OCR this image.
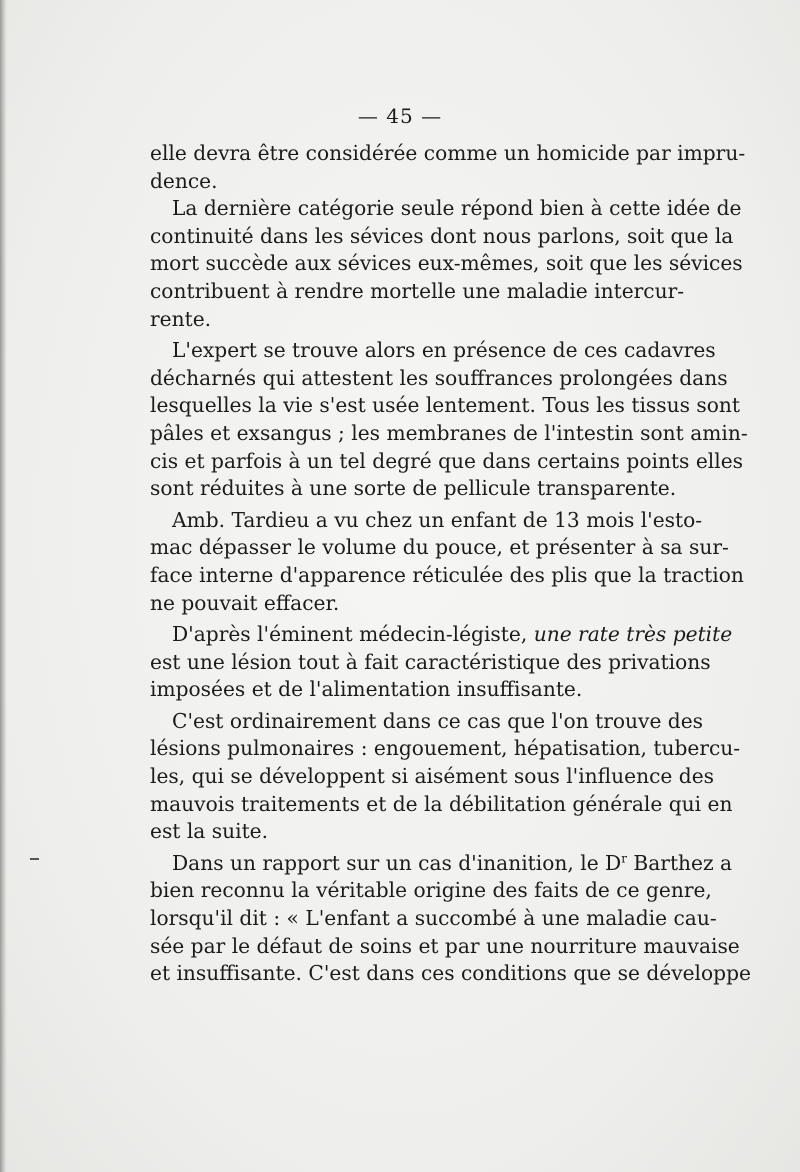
— 45 —

elle devra être considérée comme un homicide par impru-
dence.

La dernière catégorie seule répond bien à cette idée de
continuité dans les sévices dont nous parlons, soit que la
mort succède aux sévices eux-mêmes, soit que les sévices
contribuent à rendre mortelle une maladie intercur-
rente.

L'expert se trouve alors en présence de ces cadavres
décharnés qui attestent les souffrances prolongées dans
lesquelles la vie s'est usée lentement. Tous les tissus sont
pâles et exsangus ; les membranes de l'intestin sont amin-
cis et parfois à un tel degré que dans certains points elles
sont réduites à une sorte de pellicule transparente.

Amb. Tardieu a vu chez un enfant de 13 mois l'esto-
mac dépasser le volume du pouce, et présenter à sa sur-
face interne d'apparence réticulée des plis que la traction
ne pouvait effacer.

D'après l'éminent médecin-légiste, une rate très petite
est une lésion tout à fait caractéristique des privations
imposées et de l'alimentation insuffisante.

C'est ordinairement dans ce cas que l'on trouve des
lésions pulmonaires : engouement, hépatisation, tubercu-
les, qui se développent si aisément sous l'influence des
mauvois traitements et de la débilitation générale qui en
est la suite.

Dans un rapport sur un cas d'inanition, le $D^r$ Barthez a
bien reconnu la véritable origine des faits de ce genre,
lorsqu'il dit : « L'enfant a succombé à une maladie cau-
sée par le défaut de soins et par une nourriture mauvaise
et insuffisante. C'est dans ces conditions que se développe
